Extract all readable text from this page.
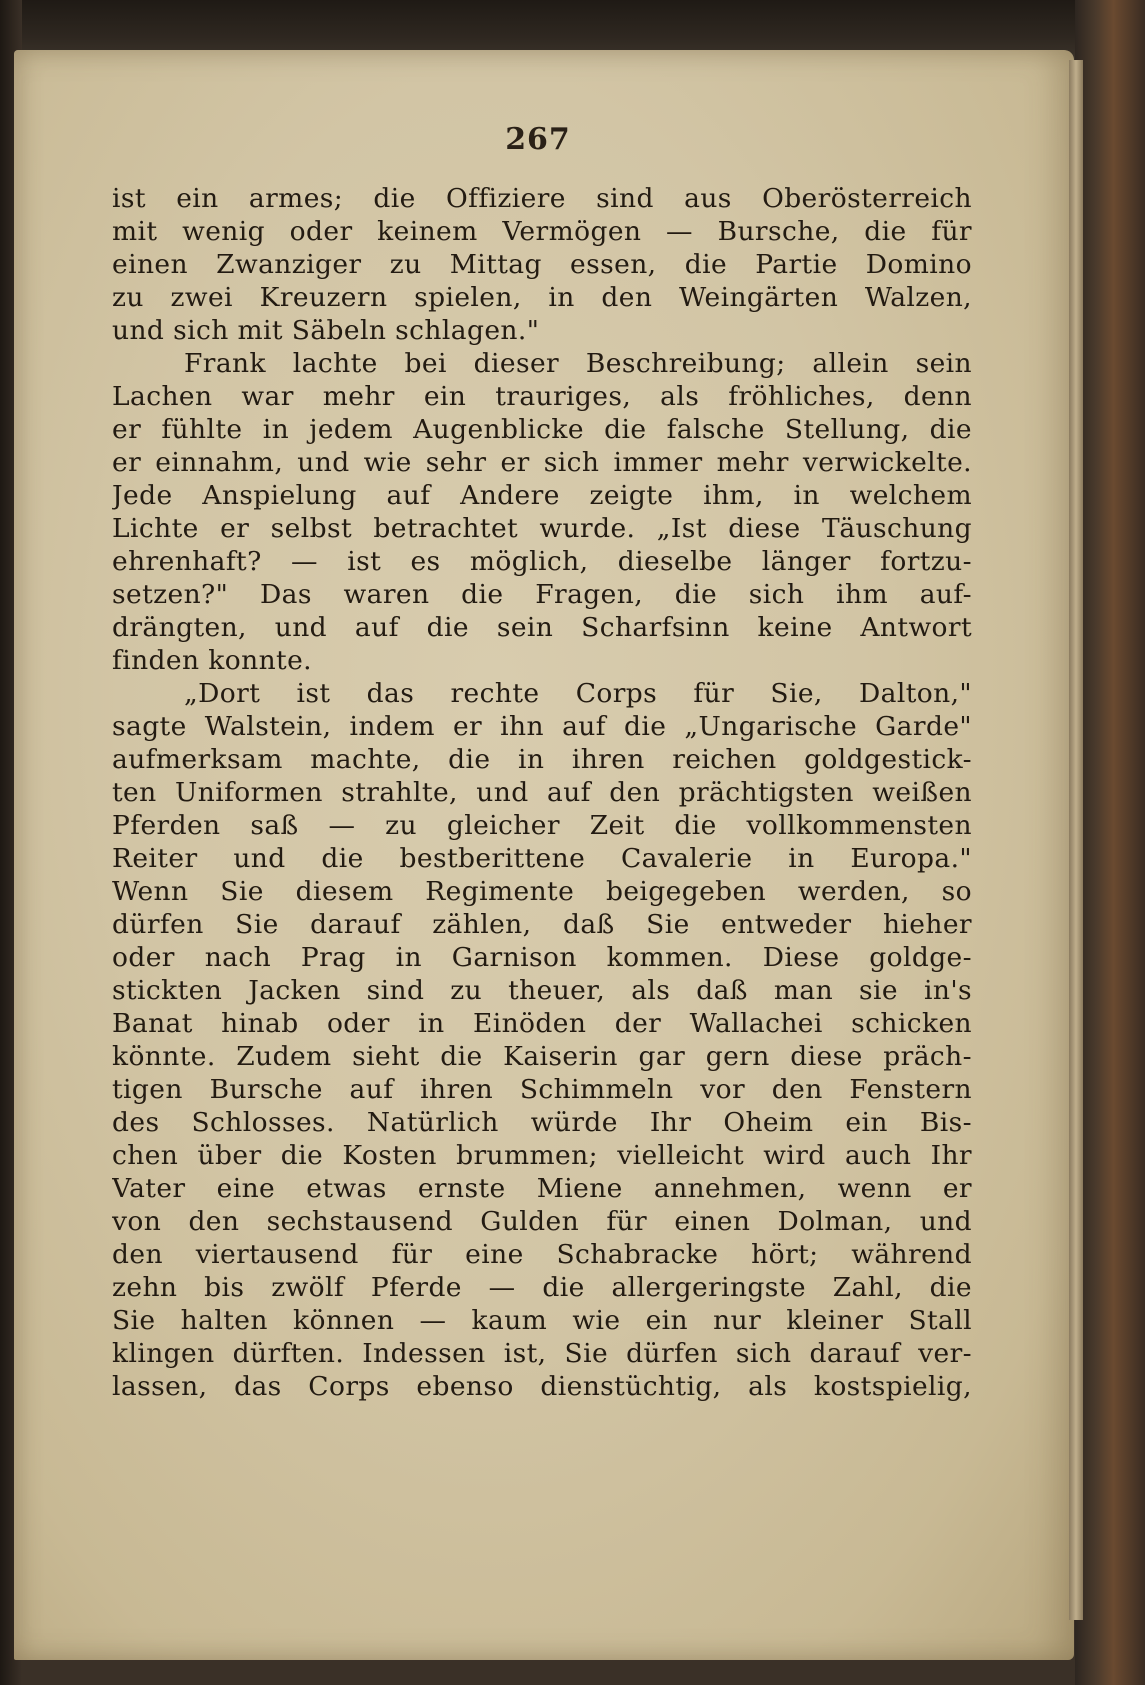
267
ist ein armes; die Offiziere sind aus Oberösterreich
mit wenig oder keinem Vermögen — Bursche, die für
einen Zwanziger zu Mittag essen, die Partie Domino
zu zwei Kreuzern spielen, in den Weingärten Walzen,
und sich mit Säbeln schlagen."
Frank lachte bei dieser Beschreibung; allein sein
Lachen war mehr ein trauriges, als fröhliches, denn
er fühlte in jedem Augenblicke die falsche Stellung, die
er einnahm, und wie sehr er sich immer mehr verwickelte.
Jede Anspielung auf Andere zeigte ihm, in welchem
Lichte er selbst betrachtet wurde. „Ist diese Täuschung
ehrenhaft? — ist es möglich, dieselbe länger fortzu-
setzen?" Das waren die Fragen, die sich ihm auf-
drängten, und auf die sein Scharfsinn keine Antwort
finden konnte.
„Dort ist das rechte Corps für Sie, Dalton,"
sagte Walstein, indem er ihn auf die „Ungarische Garde"
aufmerksam machte, die in ihren reichen goldgestick-
ten Uniformen strahlte, und auf den prächtigsten weißen
Pferden saß — zu gleicher Zeit die vollkommensten
Reiter und die bestberittene Cavalerie in Europa."
Wenn Sie diesem Regimente beigegeben werden, so
dürfen Sie darauf zählen, daß Sie entweder hieher
oder nach Prag in Garnison kommen. Diese goldge-
stickten Jacken sind zu theuer, als daß man sie in's
Banat hinab oder in Einöden der Wallachei schicken
könnte. Zudem sieht die Kaiserin gar gern diese präch-
tigen Bursche auf ihren Schimmeln vor den Fenstern
des Schlosses. Natürlich würde Ihr Oheim ein Bis-
chen über die Kosten brummen; vielleicht wird auch Ihr
Vater eine etwas ernste Miene annehmen, wenn er
von den sechstausend Gulden für einen Dolman, und
den viertausend für eine Schabracke hört; während
zehn bis zwölf Pferde — die allergeringste Zahl, die
Sie halten können — kaum wie ein nur kleiner Stall
klingen dürften. Indessen ist, Sie dürfen sich darauf ver-
lassen, das Corps ebenso dienstüchtig, als kostspielig,
